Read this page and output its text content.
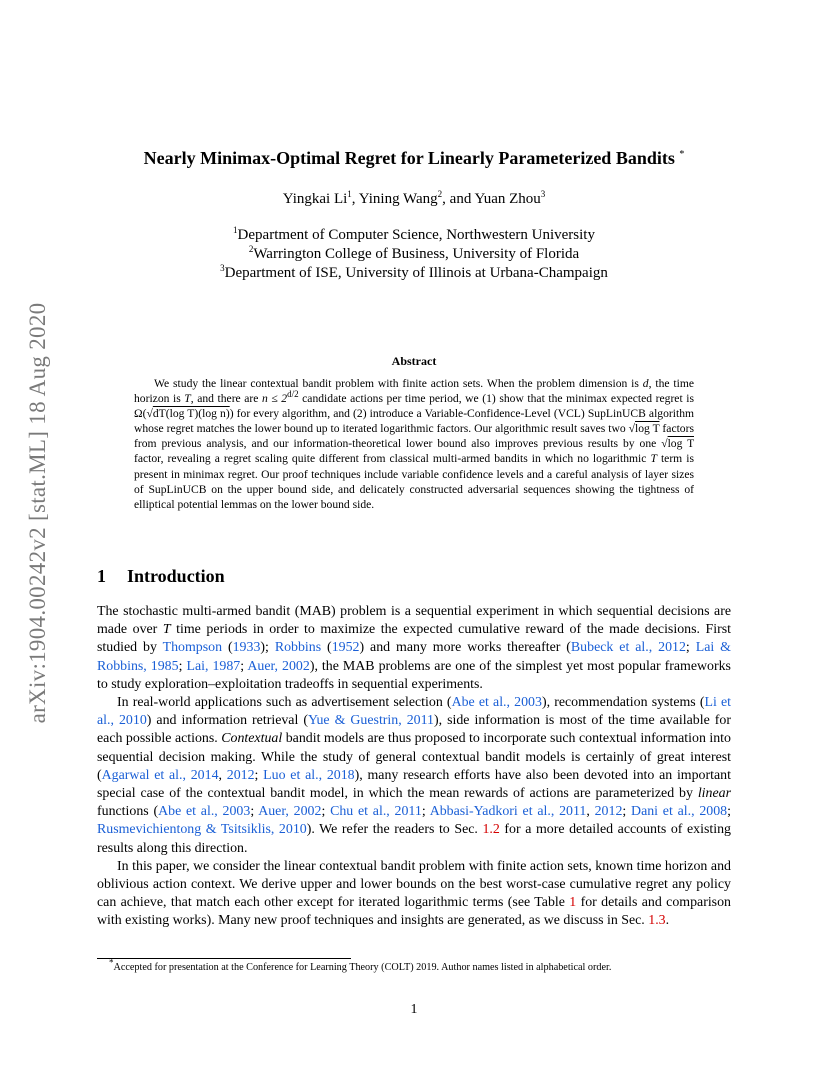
arXiv:1904.00242v2 [stat.ML] 18 Aug 2020
Nearly Minimax-Optimal Regret for Linearly Parameterized Bandits *
Yingkai Li$^1$, Yining Wang$^2$, and Yuan Zhou$^3$
$^1$Department of Computer Science, Northwestern University
$^2$Warrington College of Business, University of Florida
$^3$Department of ISE, University of Illinois at Urbana-Champaign
Abstract

We study the linear contextual bandit problem with finite action sets. When the problem dimension is d, the time horizon is T, and there are $n \le 2^{d/2}$ candidate actions per time period, we (1) show that the minimax expected regret is Ω(√dT(log T)(log n)) for every algorithm, and (2) introduce a Variable-Confidence-Level (VCL) SupLinUCB algorithm whose regret matches the lower bound up to iterated logarithmic factors. Our algorithmic result saves two √log T factors from previous analysis, and our information-theoretical lower bound also improves previous results by one √log T factor, revealing a regret scaling quite different from classical multi-armed bandits in which no logarithmic T term is present in minimax regret. Our proof techniques include variable confidence levels and a careful analysis of layer sizes of SupLinUCB on the upper bound side, and delicately constructed adversarial sequences showing the tightness of elliptical potential lemmas on the lower bound side.

1 Introduction

The stochastic multi-armed bandit (MAB) problem is a sequential experiment in which sequential decisions are made over T time periods in order to maximize the expected cumulative reward of the made decisions. First studied by Thompson (1933); Robbins (1952) and many more works thereafter (Bubeck et al., 2012; Lai & Robbins, 1985; Lai, 1987; Auer, 2002), the MAB problems are one of the simplest yet most popular frameworks to study exploration–exploitation tradeoffs in sequential experiments.

In real-world applications such as advertisement selection (Abe et al., 2003), recommendation systems (Li et al., 2010) and information retrieval (Yue & Guestrin, 2011), side information is most of the time available for each possible actions. Contextual bandit models are thus proposed to incorporate such contextual information into sequential decision making. While the study of general contextual bandit models is certainly of great interest (Agarwal et al., 2014, 2012; Luo et al., 2018), many research efforts have also been devoted into an important special case of the contextual bandit model, in which the mean rewards of actions are parameterized by linear functions (Abe et al., 2003; Auer, 2002; Chu et al., 2011; Abbasi-Yadkori et al., 2011, 2012; Dani et al., 2008; Rusmevichientong & Tsitsiklis, 2010). We refer the readers to Sec. 1.2 for a more detailed accounts of existing results along this direction.

In this paper, we consider the linear contextual bandit problem with finite action sets, known time horizon and oblivious action context. We derive upper and lower bounds on the best worst-case cumulative regret any policy can achieve, that match each other except for iterated logarithmic terms (see Table 1 for details and comparison with existing works). Many new proof techniques and insights are generated, as we discuss in Sec. 1.3.

*Accepted for presentation at the Conference for Learning Theory (COLT) 2019. Author names listed in alphabetical order.

1
